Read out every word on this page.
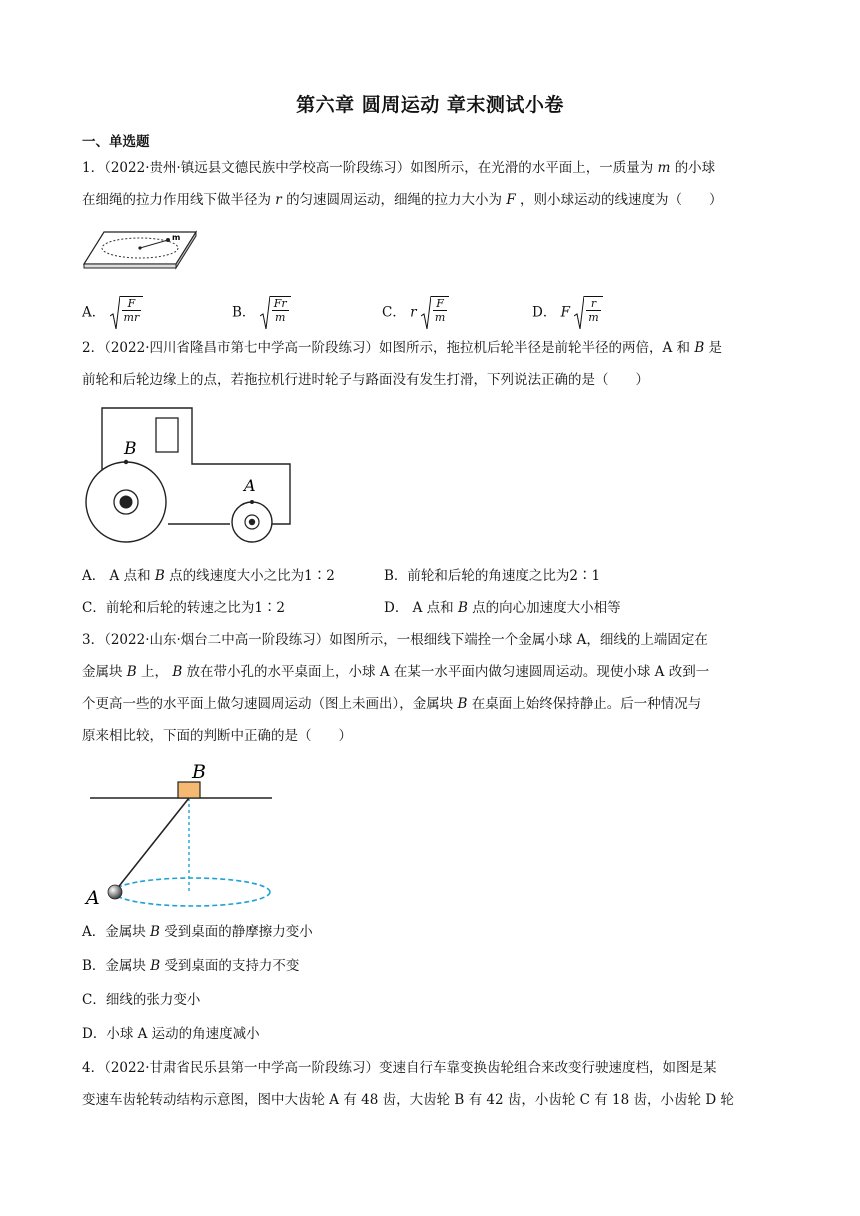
第六章 圆周运动 章末测试小卷
一、单选题
1．（2022·贵州·镇远县文德民族中学校高一阶段练习）如图所示，在光滑的水平面上，一质量为 m 的小球
在细绳的拉力作用线下做半径为 r 的匀速圆周运动，细绳的拉力大小为 F ，则小球运动的线速度为（　　）
m
A． $\frac{F}{mr}$	B． $\frac{Fr}{m}$	C． r $\frac{F}{m}$	D． F $\frac{r}{m}$
2．（2022·四川省隆昌市第七中学高一阶段练习）如图所示，拖拉机后轮半径是前轮半径的两倍，A 和 B 是
前轮和后轮边缘上的点，若拖拉机行进时轮子与路面没有发生打滑，下列说法正确的是（　　）
B
A
A． A 点和 B 点的线速度大小之比为1∶2	B．前轮和后轮的角速度之比为2∶1
C．前轮和后轮的转速之比为1∶2	D． A 点和 B 点的向心加速度大小相等
3．（2022·山东·烟台二中高一阶段练习）如图所示，一根细线下端拴一个金属小球 A，细线的上端固定在
金属块 B 上， B 放在带小孔的水平桌面上，小球 A 在某一水平面内做匀速圆周运动。现使小球 A 改到一
个更高一些的水平面上做匀速圆周运动（图上未画出），金属块 B 在桌面上始终保持静止。后一种情况与
原来相比较，下面的判断中正确的是（　　）
B
A
A．金属块 B 受到桌面的静摩擦力变小
B．金属块 B 受到桌面的支持力不变
C．细线的张力变小
D．小球 A 运动的角速度减小
4．（2022·甘肃省民乐县第一中学高一阶段练习）变速自行车靠变换齿轮组合来改变行驶速度档，如图是某
变速车齿轮转动结构示意图，图中大齿轮 A 有 48 齿，大齿轮 B 有 42 齿，小齿轮 C 有 18 齿，小齿轮 D 轮
